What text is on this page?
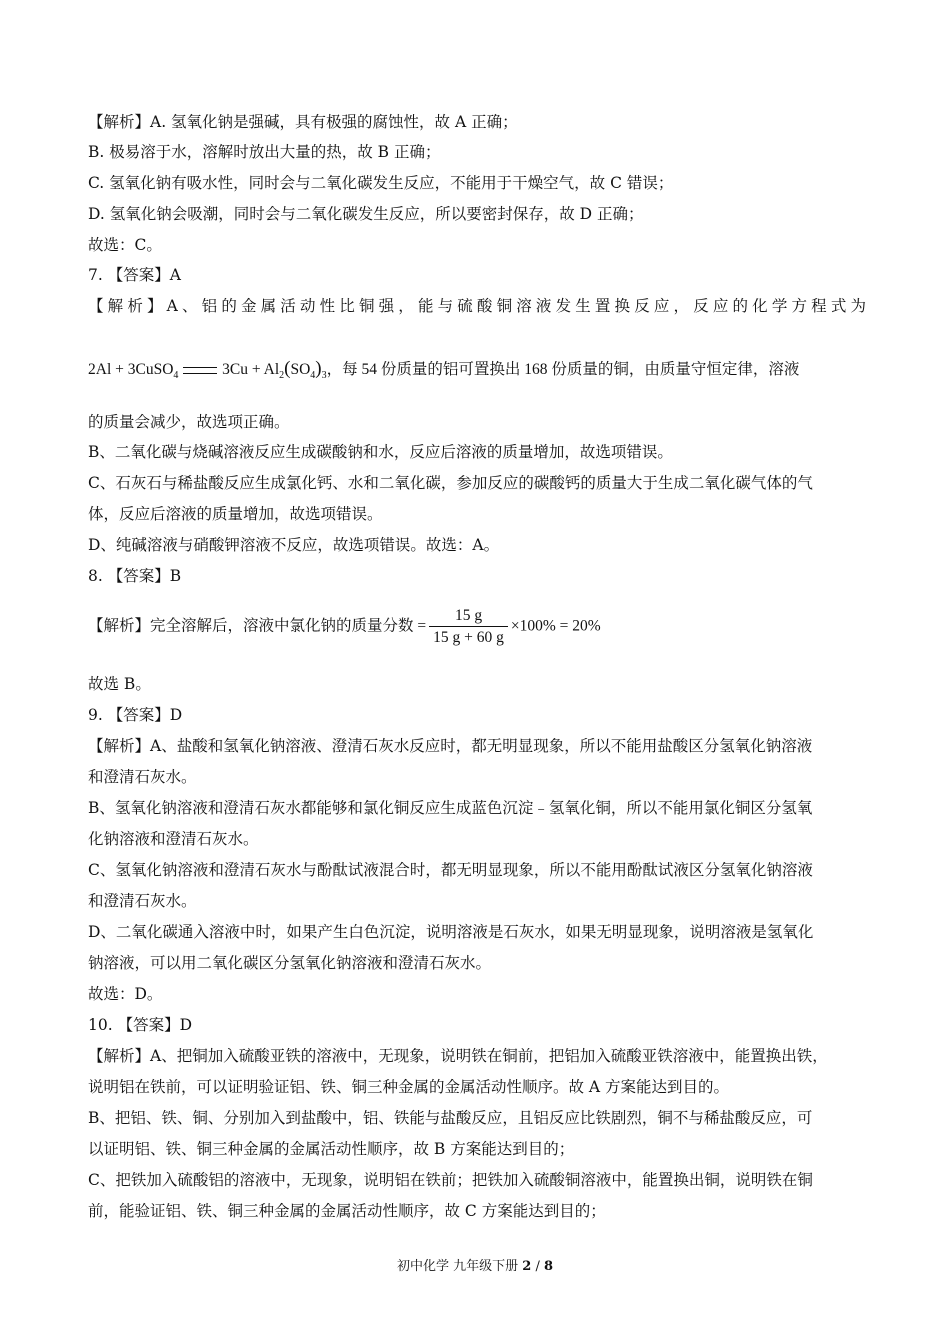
2Al + 3CuSO$_4$	$3Cu + Al_2(SO_4)_3$，每 54 份质量的铝可置换出 168 份质量的铜，由质量守恒定律，溶液
【解析】完全溶解后，溶液中氯化钠的质量分数 = $\frac{15 g}{15 g + 60 g} \times 100\% = 20\%$
【解析】A. 氢氧化钠是强碱，具有极强的腐蚀性，故 A 正确；
B. 极易溶于水，溶解时放出大量的热，故 B 正确；
C. 氢氧化钠有吸水性，同时会与二氧化碳发生反应，不能用于干燥空气，故 C 错误；
D. 氢氧化钠会吸潮，同时会与二氧化碳发生反应，所以要密封保存，故 D 正确；
故选：C。
7. 【答案】A
【解析】A、铝的金属活动性比铜强，能与硫酸铜溶液发生置换反应，反应的化学方程式为
的质量会减少，故选项正确。
B、二氧化碳与烧碱溶液反应生成碳酸钠和水，反应后溶液的质量增加，故选项错误。
C、石灰石与稀盐酸反应生成氯化钙、水和二氧化碳，参加反应的碳酸钙的质量大于生成二氧化碳气体的气
体，反应后溶液的质量增加，故选项错误。
D、纯碱溶液与硝酸钾溶液不反应，故选项错误。故选：A。
8. 【答案】B
故选 B。
9. 【答案】D
【解析】A、盐酸和氢氧化钠溶液、澄清石灰水反应时，都无明显现象，所以不能用盐酸区分氢氧化钠溶液
和澄清石灰水。
B、氢氧化钠溶液和澄清石灰水都能够和氯化铜反应生成蓝色沉淀﹣氢氧化铜，所以不能用氯化铜区分氢氧
化钠溶液和澄清石灰水。
C、氢氧化钠溶液和澄清石灰水与酚酞试液混合时，都无明显现象，所以不能用酚酞试液区分氢氧化钠溶液
和澄清石灰水。
D、二氧化碳通入溶液中时，如果产生白色沉淀，说明溶液是石灰水，如果无明显现象，说明溶液是氢氧化
钠溶液，可以用二氧化碳区分氢氧化钠溶液和澄清石灰水。
故选：D。
10. 【答案】D
【解析】A、把铜加入硫酸亚铁的溶液中，无现象，说明铁在铜前，把铝加入硫酸亚铁溶液中，能置换出铁，
说明铝在铁前，可以证明验证铝、铁、铜三种金属的金属活动性顺序。故 A 方案能达到目的。
B、把铝、铁、铜、分别加入到盐酸中，铝、铁能与盐酸反应，且铝反应比铁剧烈，铜不与稀盐酸反应，可
以证明铝、铁、铜三种金属的金属活动性顺序，故 B 方案能达到目的；
C、把铁加入硫酸铝的溶液中，无现象，说明铝在铁前；把铁加入硫酸铜溶液中，能置换出铜，说明铁在铜
前，能验证铝、铁、铜三种金属的金属活动性顺序，故 C 方案能达到目的；
初中化学 九年级下册 2 / 8
